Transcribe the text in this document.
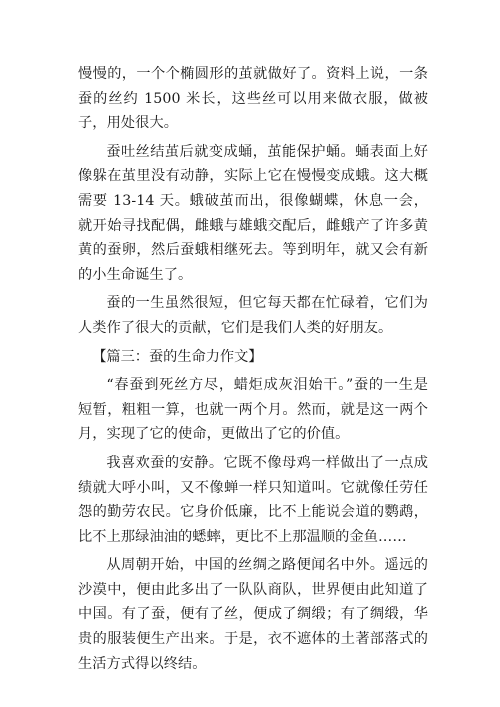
慢慢的，一个个椭圆形的茧就做好了。资料上说，一条蚕的丝约 1500 米长，这些丝可以用来做衣服，做被子，用处很大。

蚕吐丝结茧后就变成蛹，茧能保护蛹。蛹表面上好像躲在茧里没有动静，实际上它在慢慢变成蛾。这大概需要 13-14 天。蛾破茧而出，很像蝴蝶，休息一会，就开始寻找配偶，雌蛾与雄蛾交配后，雌蛾产了许多黄黄的蚕卵，然后蚕蛾相继死去。等到明年，就又会有新的小生命诞生了。

蚕的一生虽然很短，但它每天都在忙碌着，它们为人类作了很大的贡献，它们是我们人类的好朋友。

【篇三：蚕的生命力作文】

“春蚕到死丝方尽，蜡炬成灰泪始干。”蚕的一生是短暂，粗粗一算，也就一两个月。然而，就是这一两个月，实现了它的使命，更做出了它的价值。

我喜欢蚕的安静。它既不像母鸡一样做出了一点成绩就大呼小叫，又不像蝉一样只知道叫。它就像任劳任怨的勤劳农民。它身价低廉，比不上能说会道的鹦鹉，比不上那绿油油的蟋蟀，更比不上那温顺的金鱼……

从周朝开始，中国的丝绸之路便闻名中外。遥远的沙漠中，便由此多出了一队队商队，世界便由此知道了中国。有了蚕，便有了丝，便成了绸缎；有了绸缎，华贵的服装便生产出来。于是，衣不遮体的土著部落式的生活方式得以终结。
